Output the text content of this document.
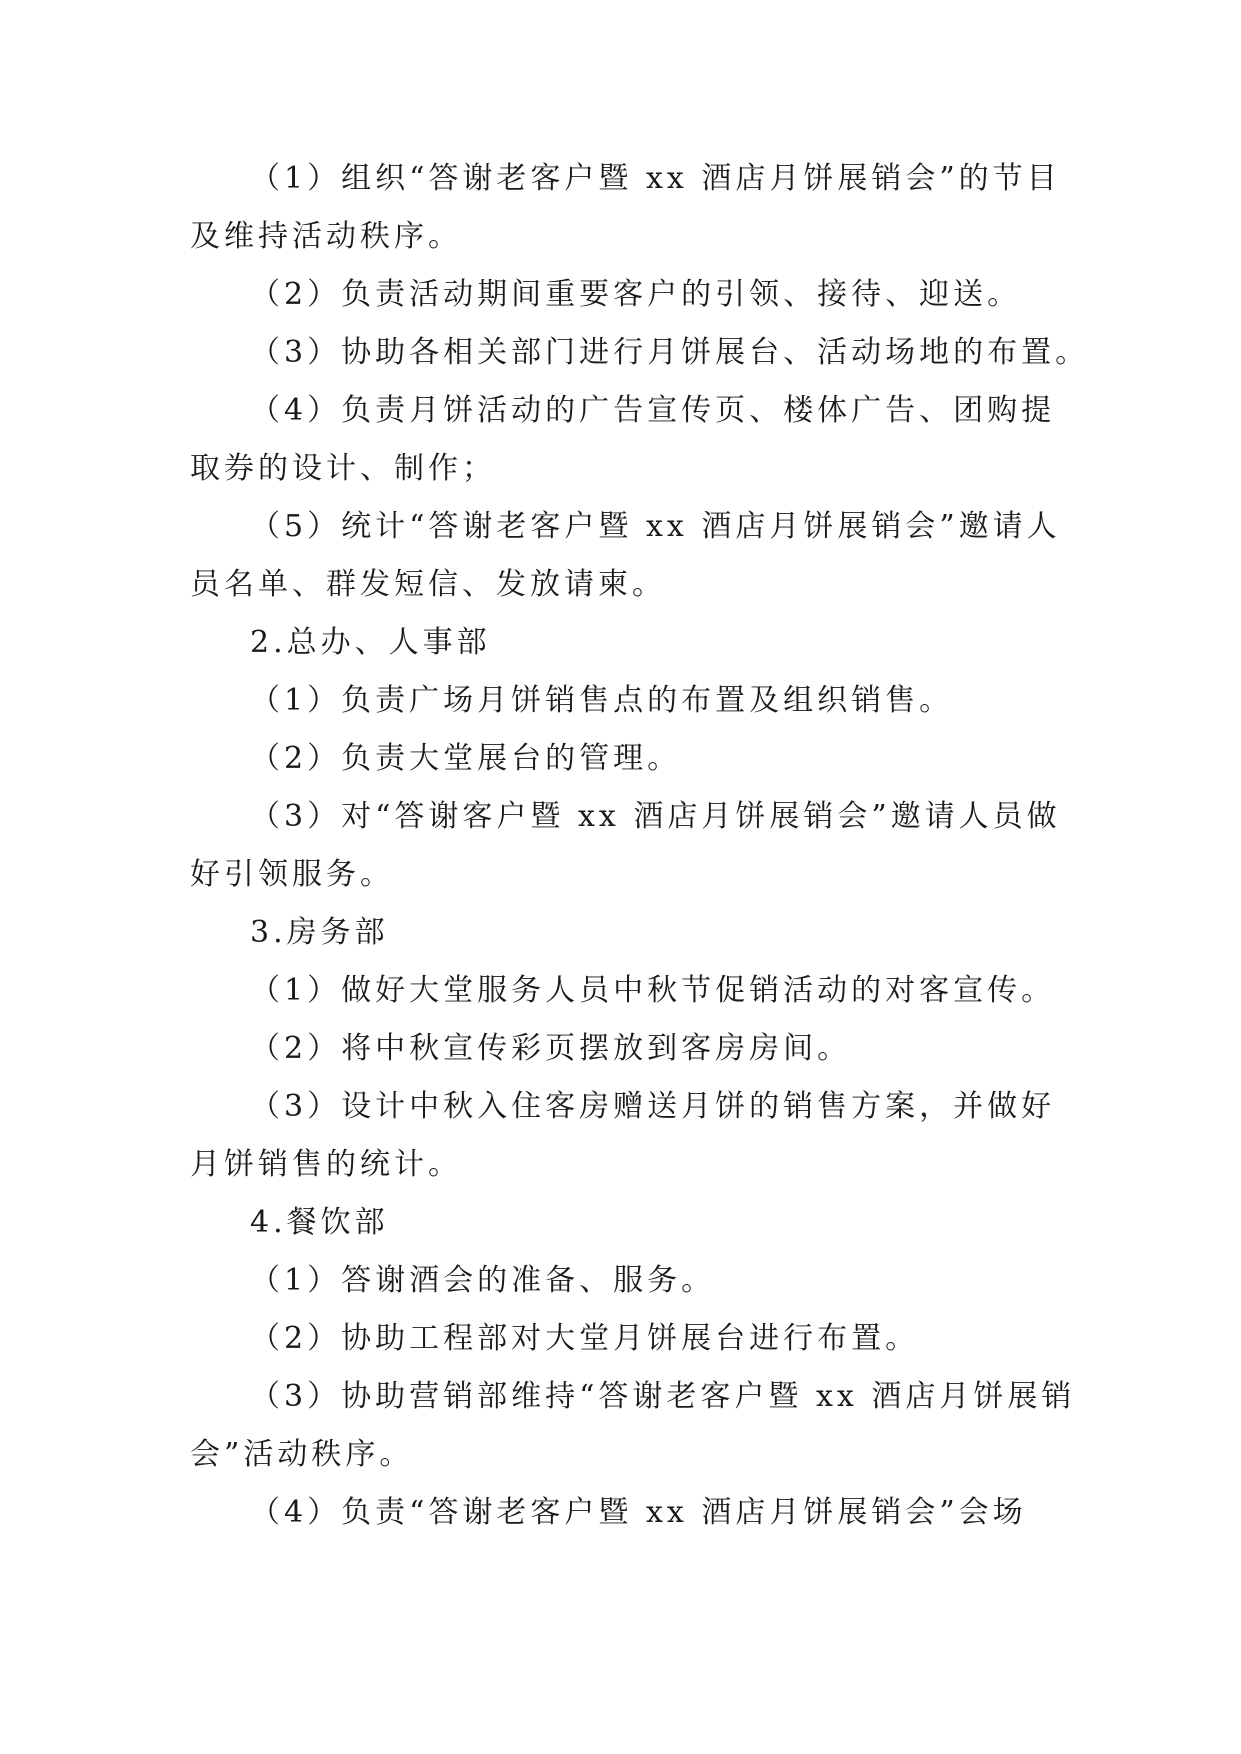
（1）组织“答谢老客户暨 xx 酒店月饼展销会”的节目
及维持活动秩序。
（2）负责活动期间重要客户的引领、接待、迎送。
（3）协助各相关部门进行月饼展台、活动场地的布置。
（4）负责月饼活动的广告宣传页、楼体广告、团购提
取券的设计、制作；
（5）统计“答谢老客户暨 xx 酒店月饼展销会”邀请人
员名单、群发短信、发放请柬。
2.总办、人事部
（1）负责广场月饼销售点的布置及组织销售。
（2）负责大堂展台的管理。
（3）对“答谢客户暨 xx 酒店月饼展销会”邀请人员做
好引领服务。
3.房务部
（1）做好大堂服务人员中秋节促销活动的对客宣传。
（2）将中秋宣传彩页摆放到客房房间。
（3）设计中秋入住客房赠送月饼的销售方案，并做好
月饼销售的统计。
4.餐饮部
（1）答谢酒会的准备、服务。
（2）协助工程部对大堂月饼展台进行布置。
（3）协助营销部维持“答谢老客户暨 xx 酒店月饼展销
会”活动秩序。
（4）负责“答谢老客户暨 xx 酒店月饼展销会”会场
